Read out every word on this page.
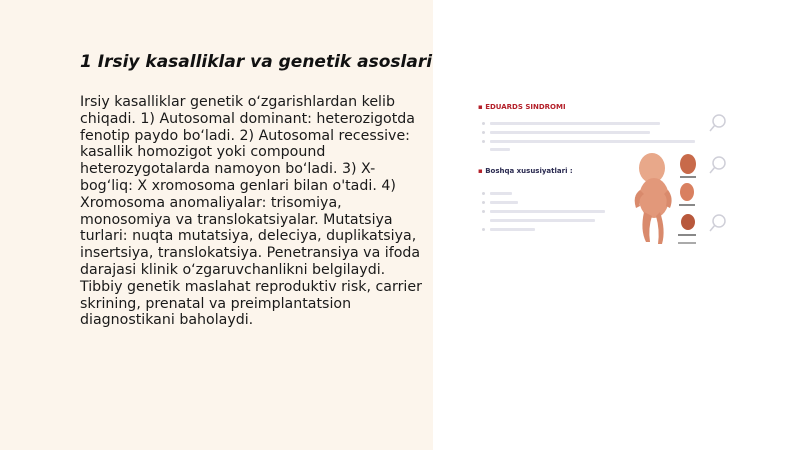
1 Irsiy kasalliklar va genetik asoslari

Irsiy kasalliklar genetik o‘zgarishlardan kelib chiqadi. 1) Autosomal dominant: heterozigotda fenotip paydo bo‘ladi. 2) Autosomal recessive: kasallik homozigot yoki compound heterozygotalarda namoyon bo‘ladi. 3) X-bog‘liq: X xromosoma genlari bilan o'tadi. 4) Xromosoma anomaliyalar: trisomiya, monosomiya va translokatsiyalar. Mutatsiya turlari: nuqta mutatsiya, deleciya, duplikatsiya, insertsiya, translokatsiya. Penetransiya va ifoda darajasi klinik o‘zgaruvchanlikni belgilaydi. Tibbiy genetik maslahat reproduktiv risk, carrier skrining, prenatal va preimplantatsion diagnostikani baholaydi.

▪ EDUARDS SINDROMI
▪ Boshqa xususiyatlari :
